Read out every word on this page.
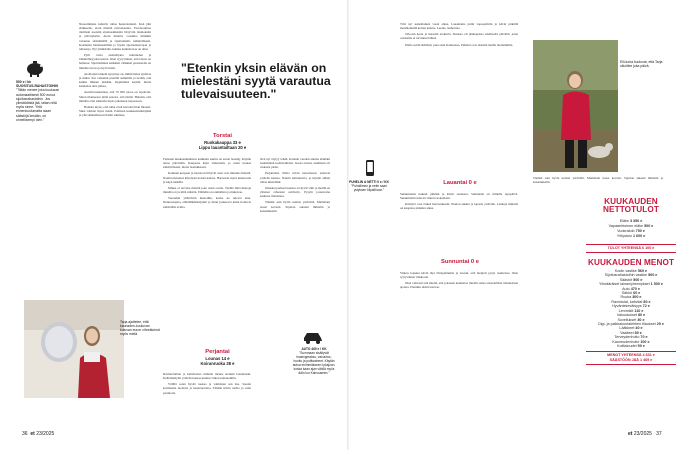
500 e / kk
SUOSITUS-RAHASTOIHIN
"Tilitän meneе joka kuukausi automaattisesti 500 euroa sijoitusrahastoihin. Jos ylimääräistä jää, laitan niitä myös sinne. Yhtä ennenkuulumatta siaan säästöjä kesään, on onnellisempi olen."

Nuoremmana kuluvin rahaa huolettomasti. Kun jäin eläkkeelle, aloin miettiä tulevaisuutta. Facebookissa törmäsin useisiin sijoitusaiheisiin liittyviin mainoksiin ja päivityksiin. Aloin miettiä, voisinko minäkin varautua säästämällä ja sijoittamalla säännöllisesti. Kaamesin hiemaisemmin ja löysin sijoitusneuvojan ja rahastoja. Nyt ymmärrän, kuinka kannattavaa on ollut.

Pyrit vasta aloittelijana kohtuuden ja säännöllisyyden kautta. Olen tyytyväinen, että talous on hallussa. Sijoittaminen kaikkien vinkkien perusteella on minulle turvaa ja hyvä mieli.

Aloitteljan tärkein kysymys on, mihin halua sijoittaa ja miksi. Itse vaikutun pienillä summilla ja tiedän, että kaikki liikkuu pitkään. Oppiminen kestää, mutta kannattaa aina jatkaa.

Autoiltavankeinen, että 70 000 euroa on sijoitettu. Sitten tilanteessa pitää seurata, että riittää. Halusin, että minulla olisi säästöön myös pikaiseen tarpeeseen.

Halusin myös, että rahat eivät kasvaisi liian hitaasti. Siksi valitsin myös riskiä. Edelleen kuukausisäästäjänä ja yhä säännöllisesti lisään summaa.

Tarja ajattelee, että kaunaden-kuuluvan kuluvan euron vihreätoimä myös mielä.
"Etenkin yksin elävän on mielestäni syytä varautua tulevaisuuteen."
Torstai
Ruokakauppa 33 e
Lippu lauantailtaan 20 e

Fariksen kuukausikuluissa kaikkein suurin on auton leasing. Käytän autoa päivittäin. Kaupassa käyn viikoittain, ja ostan ruokaa säästäväisesti, mutta laadukkaasti.

Kainuun korpeen ja luontoon liittyvät asiat ovat minulle tärkeitä. Nautin metsässä kävelystä koiran kanssa. Harrastan myös kuntosalia ja käyn lenkillä.

Minua ei tarvitse miettiä joka asian osalta. Tiedän mitä menoja minulla on ja mitä säästän. Elämäni on rauhallista ja mukavaa.

Varaudun yllättäviin menoihin, koska ne tulevat aina. Kunnossapito, eläinlääkärikäynnit ja muut juoksevat kulut hoituvat säästötilin avulla.

Perjantai
Lounas 14 e
Koiranruoka 28 e

Ravintolaillan ja kahviloissa minulla menee etenkin lauantaisin. Kahvilakäynti ystävän kanssa kuuluu viikon kohokohtiin.

Välillä ostan hyvää ruokaa ja valmistan sen itse. Suosin kotimaisia tuotteita ja kausituotteita. Tänään kävin torilla ja ostin perunoita.

tävä nyt täytyy tehdä. Kalusin vuoden aikana elämäni suurimman kodinvaihdon. Isossa talossa asuminen oli raskasta yksin.

Perjantaina illalla kävin katsomassa teatteria ystävän kanssa. Nautin kulttuurista, ja käytän siihen rahaa mielelläni.

Onneksi perheen kanssa on hyvät välit ja meillä on yhteiset rahaasiat selvitetty. Pysyin joustavana kaikissa tilanteissa.

Tänään sain hyviä uutisia ystävältä. Mielialani nousi kovasti. Sijoitan aikaani ihmisiin ja kokemuksiin.

AUTO 460 e / KK
"Summaan sisältyvät leasingmaksu, vakuutus, huolto ja polttoaineet. Käytän autoa enimmäkseen työajoon, koska kaan ajan vähiiä myös ädin luo Kainuuseen."
PUHELIN & NETTI 0 e / KK
"Puhaliimen ja netin saan ystyksen kilpailhoon."

Tiivi nyt uudenlainen vuosi alkaa. Lauantaina pidin vapaapäivän ja kävin pitkällä metsälenkillä koiran kanssa. Luonto rauhoittaa.

Siivosin kotia ja katselin elokuvia. Ruokaa oli jääkaapissa edelliseltä päivältä, joten ostoksille ei tarvinnut lähteä.

Illalla soitin äidilleni, joka asuu Kainuussa. Puhelut ovat tärkeitä meille molemmille.

Lauantai 0 e

Sunnuntaina nukuin pitkään ja kävin saunassa. Sunnuntai on minulle lepopäivä. Suunnittelin tulevan viikon ruokalistan.

Käsityöt ovat tärkeä harrastukseni. Neulon sukkia ja lapasia ystäville. Lankoja minulla on kaapissa pitkäksi aikaa.

Sunnuntai 0 e

Viikon lopuksi kävin läpi tilitapahtumat ja totesin, että budjetti pysyi raameissa. Olen tyytyväinen viikkooni.

Olen vahvasti sitä mieltä, että jokaisen kannattaa miettiä omaa taloudellista tilannettaan ajoissa. Pienikin säästö kasvaa.

Elli-koira kuuluvat, että Tarja ulkoillee joka päivä.

Tänään sain hyviä uutisia ystävältä. Mielialani nousi kovasti. Sijoitan aikaani ihmisiin ja kokemuksiin.

KUUKAUDEN
NETTOTULOT
Eläke 3 350 e
Vapaaehtoinen eläke 500 e
Vuokratulo 750 e
Yritystulo 1 600 e
TULOT YHTEENSÄ 6 100 e
KUUKAUDEN MENOT
Kodin vastike 560 e
Sijoitusrahastoihin vastike 500 e
Säästöt 500 e
Ylimääräiset lainanlyhennykset 1 500 e
Auto 470 e
Sähkö 60 e
Ruoka 300 e
Ravintolat, kahvilat 80 e
Hyväntekeväisyys 72 e
Lemmikit 110 e
Vakuutukset 80 e
Sovellukset 30 e
Digi- ja paikkakuntalehtien tilaukset 29 e
Lääkkeet 40 e
Vaatteet 80 e
Terveydenhoito 70 e
Kauneudenhoito 100 e
Kotitaloudet 50 e
MENOT YHTEENSÄ 4 631 e
SÄÄSTÖÖN JÄÄ 1 469 e
36 et 23/2025	et 23/2025 37
